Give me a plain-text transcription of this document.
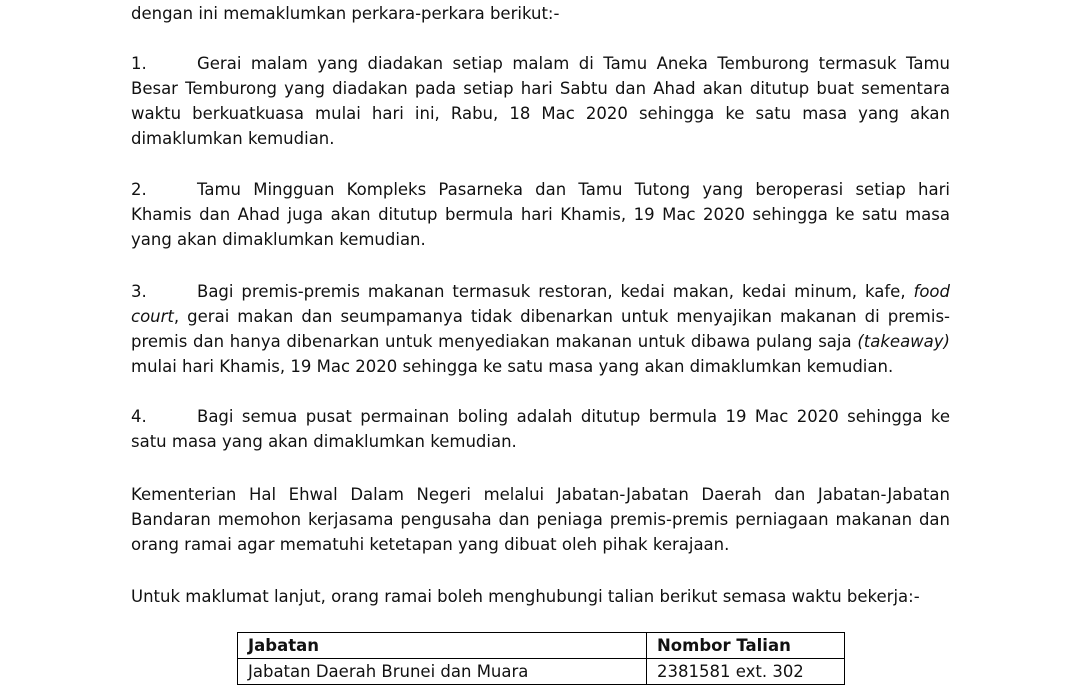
dengan ini memaklumkan perkara-perkara berikut:-
1.	Gerai malam yang diadakan setiap malam di Tamu Aneka Temburong termasuk Tamu
Besar Temburong yang diadakan pada setiap hari Sabtu dan Ahad akan ditutup buat sementara
waktu berkuatkuasa mulai hari ini, Rabu, 18 Mac 2020 sehingga ke satu masa yang akan
dimaklumkan kemudian.
2.	Tamu Mingguan Kompleks Pasarneka dan Tamu Tutong yang beroperasi setiap hari
Khamis dan Ahad juga akan ditutup bermula hari Khamis, 19 Mac 2020 sehingga ke satu masa
yang akan dimaklumkan kemudian.
3.	Bagi premis-premis makanan termasuk restoran, kedai makan, kedai minum, kafe, food
court, gerai makan dan seumpamanya tidak dibenarkan untuk menyajikan makanan di premis-
premis dan hanya dibenarkan untuk menyediakan makanan untuk dibawa pulang saja (takeaway)
mulai hari Khamis, 19 Mac 2020 sehingga ke satu masa yang akan dimaklumkan kemudian.
4.	Bagi semua pusat permainan boling adalah ditutup bermula 19 Mac 2020 sehingga ke
satu masa yang akan dimaklumkan kemudian.
Kementerian Hal Ehwal Dalam Negeri melalui Jabatan-Jabatan Daerah dan Jabatan-Jabatan
Bandaran memohon kerjasama pengusaha dan peniaga premis-premis perniagaan makanan dan
orang ramai agar mematuhi ketetapan yang dibuat oleh pihak kerajaan.
Untuk maklumat lanjut, orang ramai boleh menghubungi talian berikut semasa waktu bekerja:-
Jabatan	Nombor Talian
Jabatan Daerah Brunei dan Muara	2381581 ext. 302
